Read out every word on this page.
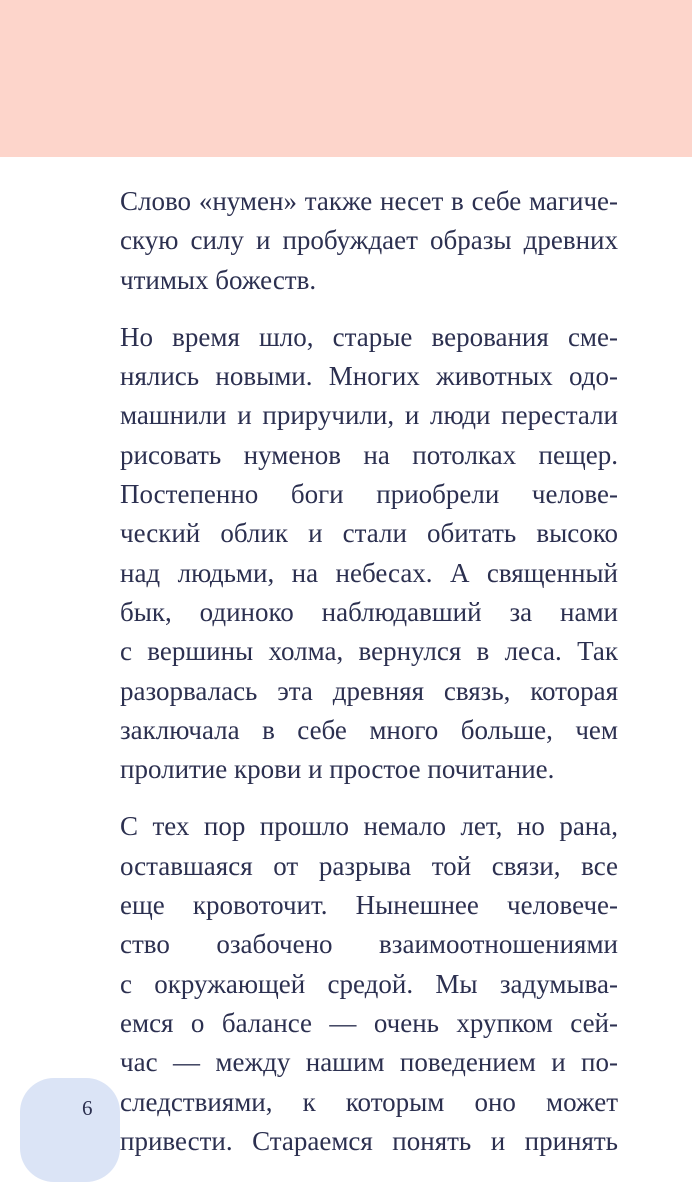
Слово «нумен» также несет в себе магиче-
скую силу и пробуждает образы древних
чтимых божеств.

Но время шло, старые верования сме-
нялись новыми. Многих животных одо-
машнили и приручили, и люди перестали
рисовать нуменов на потолках пещер.
Постепенно боги приобрели челове-
ческий облик и стали обитать высоко
над людьми, на небесах. А священный
бык, одиноко наблюдавший за нами
с вершины холма, вернулся в леса. Так
разорвалась эта древняя связь, которая
заключала в себе много больше, чем
пролитие крови и простое почитание.

С тех пор прошло немало лет, но рана,
оставшаяся от разрыва той связи, все
еще кровоточит. Нынешнее человече-
ство озабочено взаимоотношениями
с окружающей средой. Мы задумыва-
емся о балансе — очень хрупком сей-
час — между нашим поведением и по-
следствиями, к которым оно может
привести. Стараемся понять и принять

6
